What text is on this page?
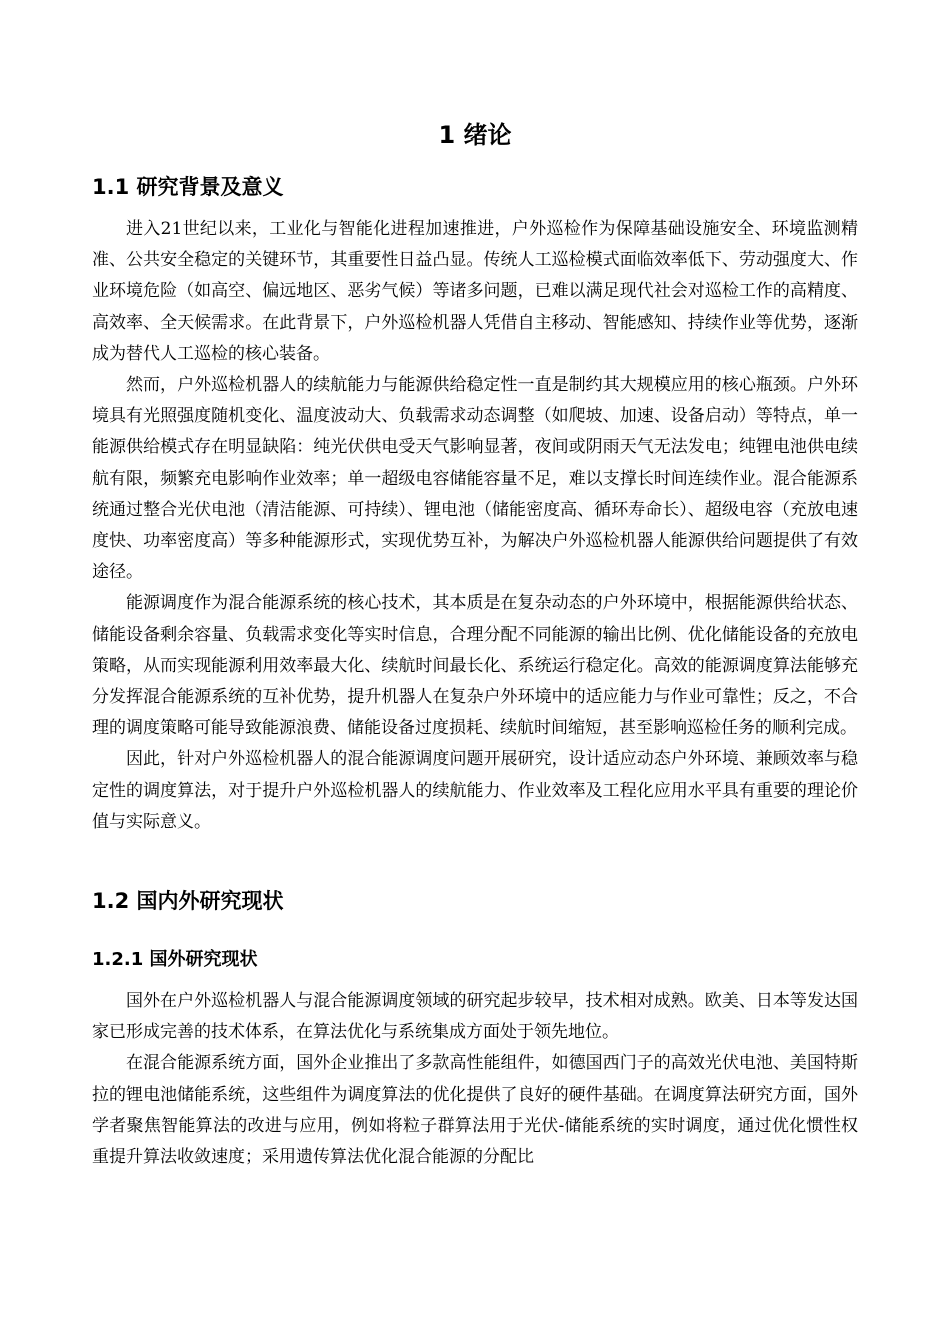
1 绪论
1.1 研究背景及意义

进入21世纪以来，工业化与智能化进程加速推进，户外巡检作为保障基础设施安全、环境监测精准、公共安全稳定的关键环节，其重要性日益凸显。传统人工巡检模式面临效率低下、劳动强度大、作业环境危险（如高空、偏远地区、恶劣气候）等诸多问题，已难以满足现代社会对巡检工作的高精度、高效率、全天候需求。在此背景下，户外巡检机器人凭借自主移动、智能感知、持续作业等优势，逐渐成为替代人工巡检的核心装备。

然而，户外巡检机器人的续航能力与能源供给稳定性一直是制约其大规模应用的核心瓶颈。户外环境具有光照强度随机变化、温度波动大、负载需求动态调整（如爬坡、加速、设备启动）等特点，单一能源供给模式存在明显缺陷：纯光伏供电受天气影响显著，夜间或阴雨天气无法发电；纯锂电池供电续航有限，频繁充电影响作业效率；单一超级电容储能容量不足，难以支撑长时间连续作业。混合能源系统通过整合光伏电池（清洁能源、可持续）、锂电池（储能密度高、循环寿命长）、超级电容（充放电速度快、功率密度高）等多种能源形式，实现优势互补，为解决户外巡检机器人能源供给问题提供了有效途径。

能源调度作为混合能源系统的核心技术，其本质是在复杂动态的户外环境中，根据能源供给状态、储能设备剩余容量、负载需求变化等实时信息，合理分配不同能源的输出比例、优化储能设备的充放电策略，从而实现能源利用效率最大化、续航时间最长化、系统运行稳定化。高效的能源调度算法能够充分发挥混合能源系统的互补优势，提升机器人在复杂户外环境中的适应能力与作业可靠性；反之，不合理的调度策略可能导致能源浪费、储能设备过度损耗、续航时间缩短，甚至影响巡检任务的顺利完成。

因此，针对户外巡检机器人的混合能源调度问题开展研究，设计适应动态户外环境、兼顾效率与稳定性的调度算法，对于提升户外巡检机器人的续航能力、作业效率及工程化应用水平具有重要的理论价值与实际意义。

1.2 国内外研究现状
1.2.1 国外研究现状

国外在户外巡检机器人与混合能源调度领域的研究起步较早，技术相对成熟。欧美、日本等发达国家已形成完善的技术体系，在算法优化与系统集成方面处于领先地位。

在混合能源系统方面，国外企业推出了多款高性能组件，如德国西门子的高效光伏电池、美国特斯拉的锂电池储能系统，这些组件为调度算法的优化提供了良好的硬件基础。在调度算法研究方面，国外学者聚焦智能算法的改进与应用，例如将粒子群算法用于光伏-储能系统的实时调度，通过优化惯性权重提升算法收敛速度；采用遗传算法优化混合能源的分配比
